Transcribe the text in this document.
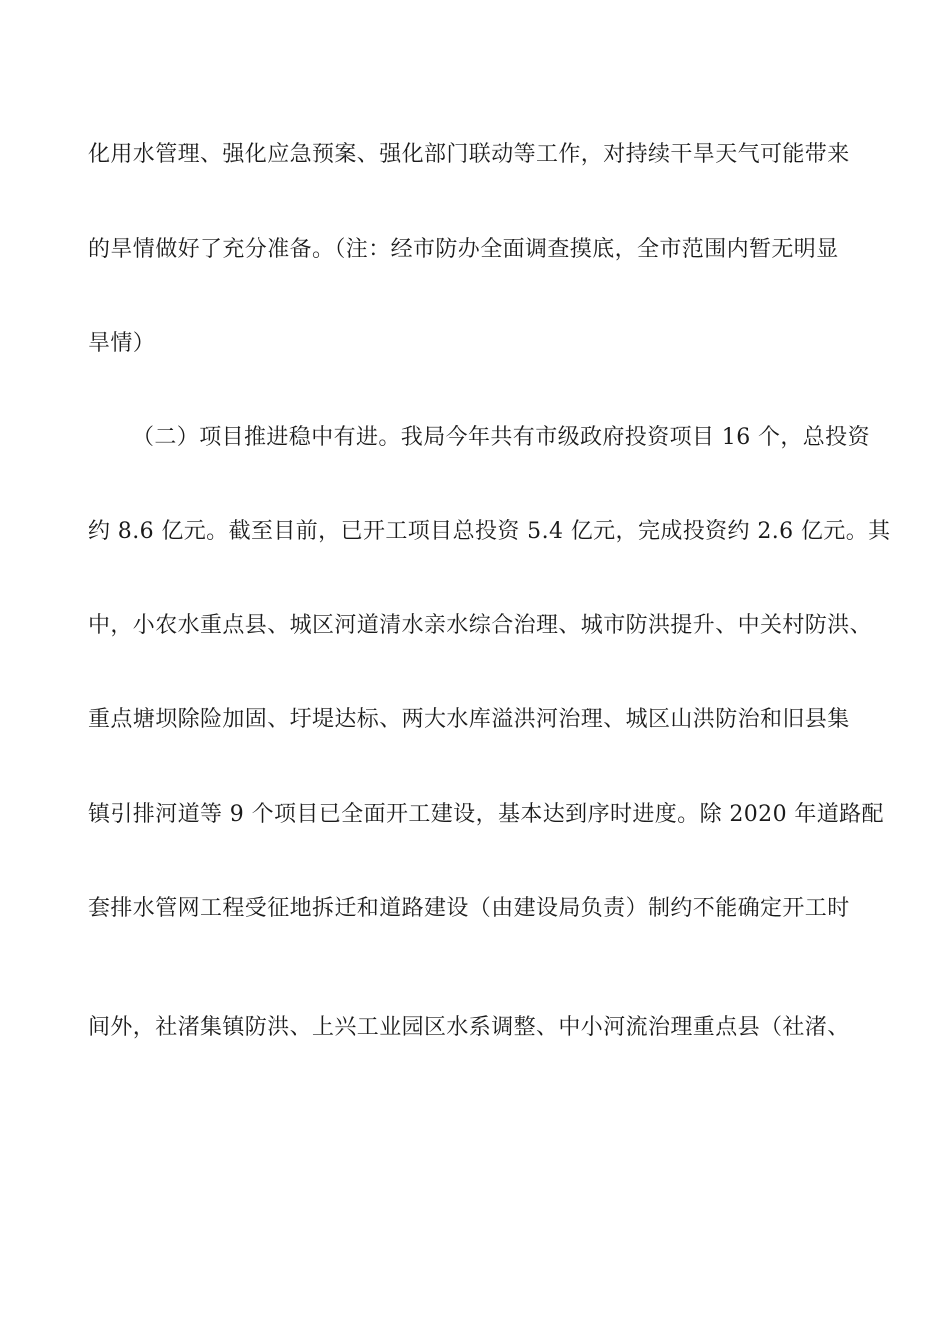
化用水管理、强化应急预案、强化部门联动等工作，对持续干旱天气可能带来
的旱情做好了充分准备。（注：经市防办全面调查摸底，全市范围内暂无明显
旱情）
（二）项目推进稳中有进。我局今年共有市级政府投资项目 16 个，总投资
约 8.6 亿元。截至目前，已开工项目总投资 5.4 亿元，完成投资约 2.6 亿元。其
中，小农水重点县、城区河道清水亲水综合治理、城市防洪提升、中关村防洪、
重点塘坝除险加固、圩堤达标、两大水库溢洪河治理、城区山洪防治和旧县集
镇引排河道等 9 个项目已全面开工建设，基本达到序时进度。除 2020 年道路配
套排水管网工程受征地拆迁和道路建设（由建设局负责）制约不能确定开工时
间外，社渚集镇防洪、上兴工业园区水系调整、中小河流治理重点县（社渚、
